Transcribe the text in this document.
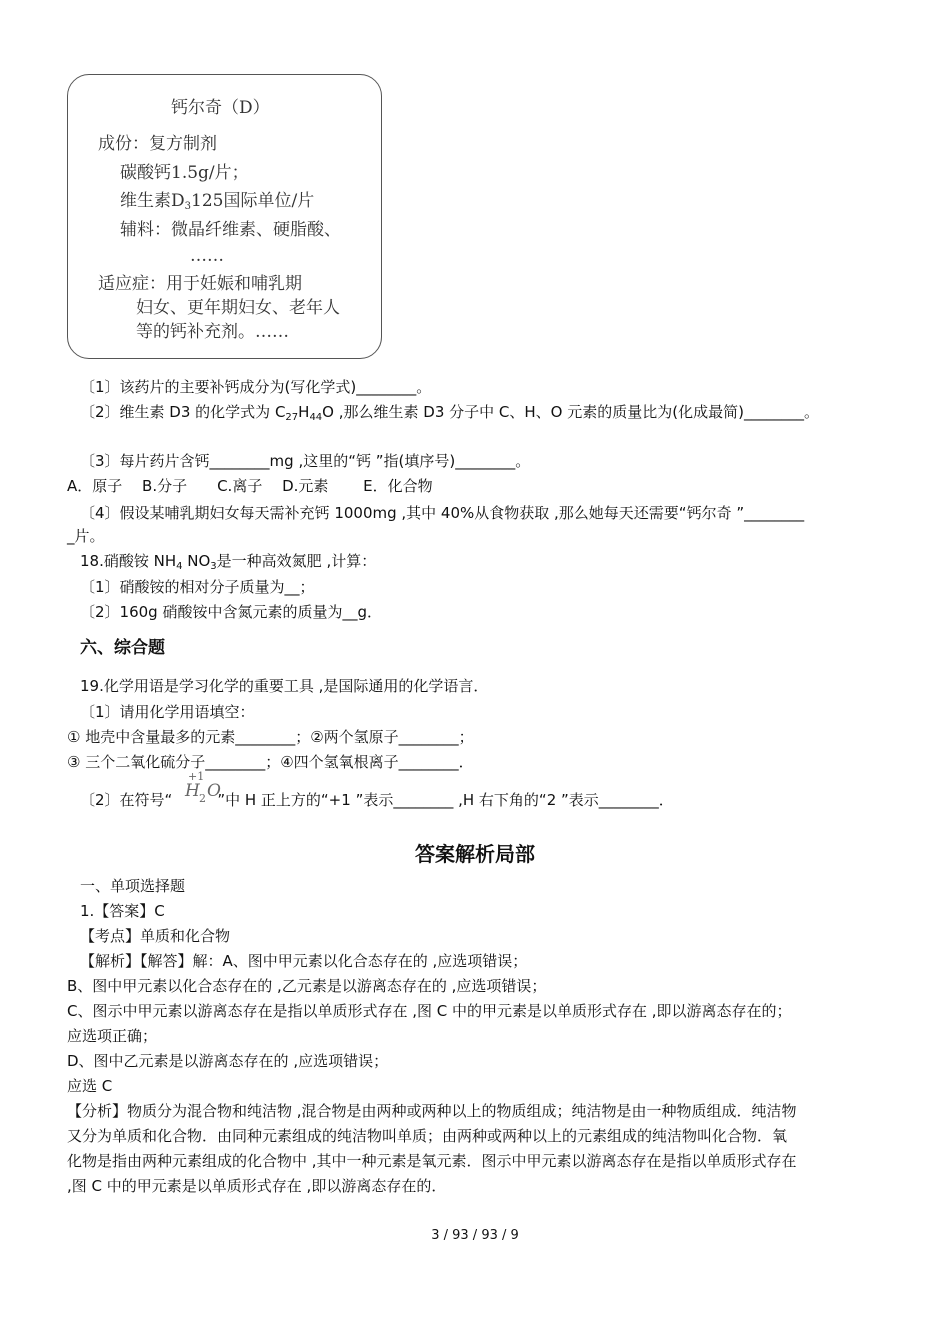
钙尔奇（D）
成份：复方制剂
碳酸钙1.5g/片；
维生素$D_3125$国际单位/片
辅料：微晶纤维素、硬脂酸、
……
适应症：用于妊娠和哺乳期
妇女、更年期妇女、老年人
等的钙补充剂。……
〔1〕该药片的主要补钙成分为(写化学式)________。
〔2〕维生素 D3 的化学式为 $C_{27}H_{44}O$ ,那么维生素 D3 分子中 C、H、O 元素的质量比为(化成最简)________。
〔3〕每片药片含钙________mg ,这里的“钙 ”指(填序号)________。
A．原子　 B.分子　　C.离子　 D.元素　　 E．化合物
〔4〕假设某哺乳期妇女每天需补充钙 1000mg ,其中 40%从食物获取 ,那么她每天还需要“钙尔奇 ”________
_片。
18.硝酸铵 $NH_4$ $NO_3$是一种高效氮肥 ,计算：
〔1〕硝酸铵的相对分子质量为__；
〔2〕160g 硝酸铵中含氮元素的质量为__g．
六、综合题
19.化学用语是学习化学的重要工具 ,是国际通用的化学语言．
〔1〕请用化学用语填空：
① 地壳中含量最多的元素________；②两个氢原子________；
③ 三个二氧化硫分子________；④四个氢氧根离子________．
〔2〕在符号“	”中 H 正上方的“+1 ”表示________ ,H 右下角的“2 ”表示________．
+1
H 2 O
答案解析局部
一、单项选择题
1.【答案】C
【考点】单质和化合物
【解析】【解答】解：A、图中甲元素以化合态存在的 ,应选项错误；
B、图中甲元素以化合态存在的 ,乙元素是以游离态存在的 ,应选项错误；
C、图示中甲元素以游离态存在是指以单质形式存在 ,图 C 中的甲元素是以单质形式存在 ,即以游离态存在的；
应选项正确；
D、图中乙元素是以游离态存在的 ,应选项错误；
应选 C
【分析】物质分为混合物和纯洁物 ,混合物是由两种或两种以上的物质组成；纯洁物是由一种物质组成．纯洁物
又分为单质和化合物．由同种元素组成的纯洁物叫单质；由两种或两种以上的元素组成的纯洁物叫化合物．氧
化物是指由两种元素组成的化合物中 ,其中一种元素是氧元素．图示中甲元素以游离态存在是指以单质形式存在
,图 C 中的甲元素是以单质形式存在 ,即以游离态存在的．
3 / 93 / 93 / 9
